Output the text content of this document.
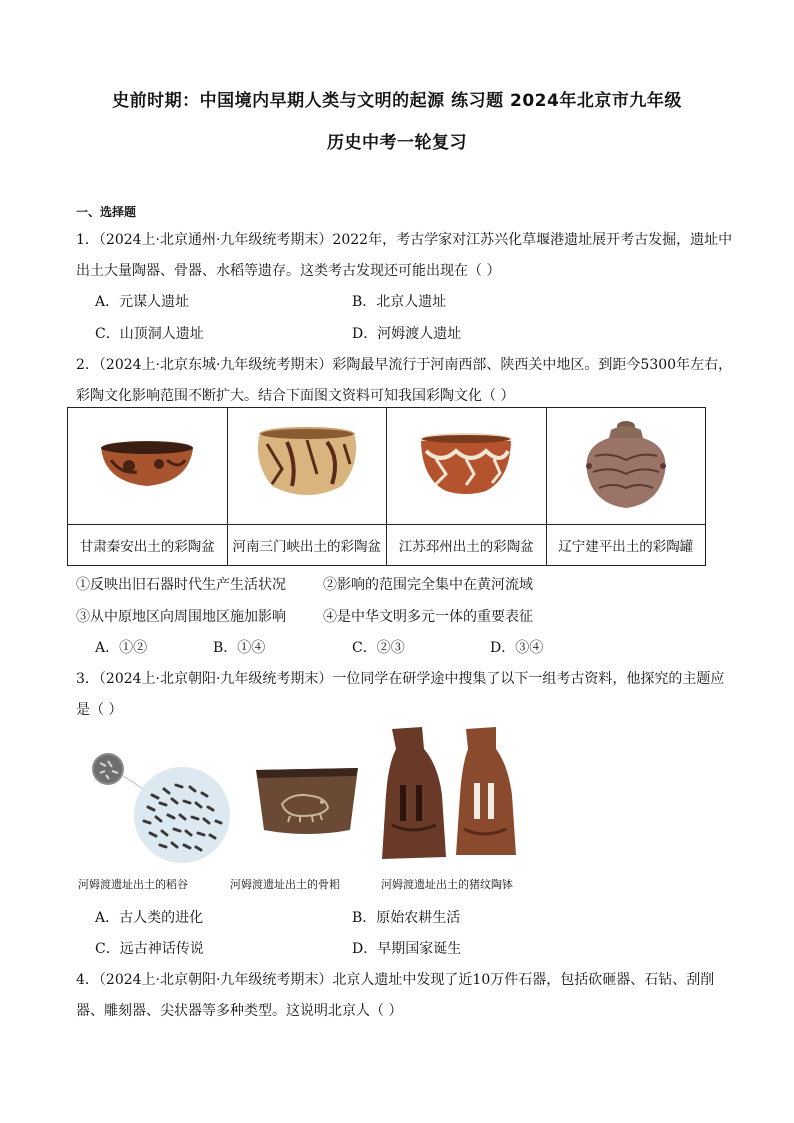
史前时期：中国境内早期人类与文明的起源 练习题 2024年北京市九年级
历史中考一轮复习
一、选择题
1．（2024上·北京通州·九年级统考期末）2022年，考古学家对江苏兴化草堰港遗址展开考古发掘，遗址中
出土大量陶器、骨器、水稻等遗存。这类考古发现还可能出现在（ ）
A．元谋人遗址	B．北京人遗址
C．山顶洞人遗址	D．河姆渡人遗址
2．（2024上·北京东城·九年级统考期末）彩陶最早流行于河南西部、陕西关中地区。到距今5300年左右，
彩陶文化影响范围不断扩大。结合下面图文资料可知我国彩陶文化（ ）

甘肃秦安出土的彩陶盆	河南三门峡出土的彩陶盆	江苏邳州出土的彩陶盆	辽宁建平出土的彩陶罐
①反映出旧石器时代生产生活状况	②影响的范围完全集中在黄河流域
③从中原地区向周围地区施加影响	④是中华文明多元一体的重要表征
A．①②	B．①④	C．②③	D．③④
3．（2024上·北京朝阳·九年级统考期末）一位同学在研学途中搜集了以下一组考古资料，他探究的主题应
是（ ）
河姆渡遗址出土的稻谷	河姆渡遗址出土的骨耜	河姆渡遗址出土的猪纹陶钵
A．古人类的进化	B．原始农耕生活
C．远古神话传说	D．早期国家诞生
4．（2024上·北京朝阳·九年级统考期末）北京人遗址中发现了近10万件石器，包括砍砸器、石钻、刮削
器、雕刻器、尖状器等多种类型。这说明北京人（ ）
